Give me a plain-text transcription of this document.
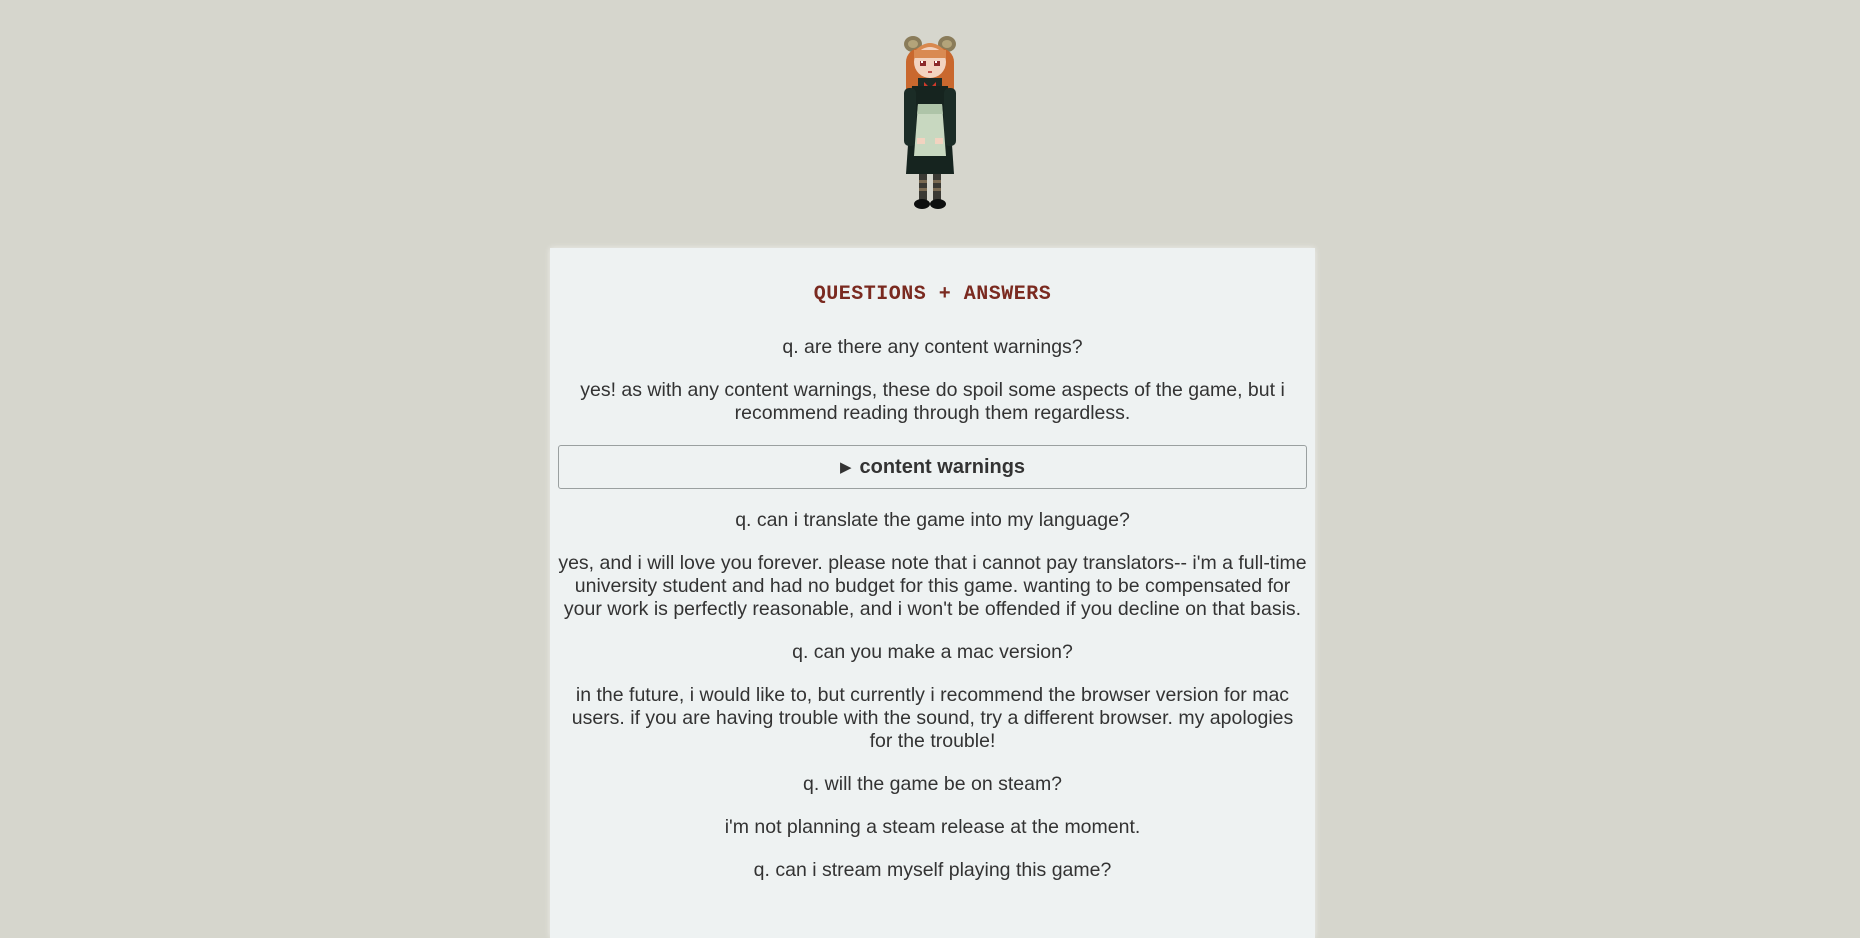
QUESTIONS + ANSWERS

q. are there any content warnings?

yes! as with any content warnings, these do spoil some aspects of the game, but i recommend reading through them regardless.

▶ content warnings

q. can i translate the game into my language?

yes, and i will love you forever. please note that i cannot pay translators-- i'm a full-time university student and had no budget for this game. wanting to be compensated for your work is perfectly reasonable, and i won't be offended if you decline on that basis.

q. can you make a mac version?

in the future, i would like to, but currently i recommend the browser version for mac users. if you are having trouble with the sound, try a different browser. my apologies for the trouble!

q. will the game be on steam?

i'm not planning a steam release at the moment.

q. can i stream myself playing this game?
